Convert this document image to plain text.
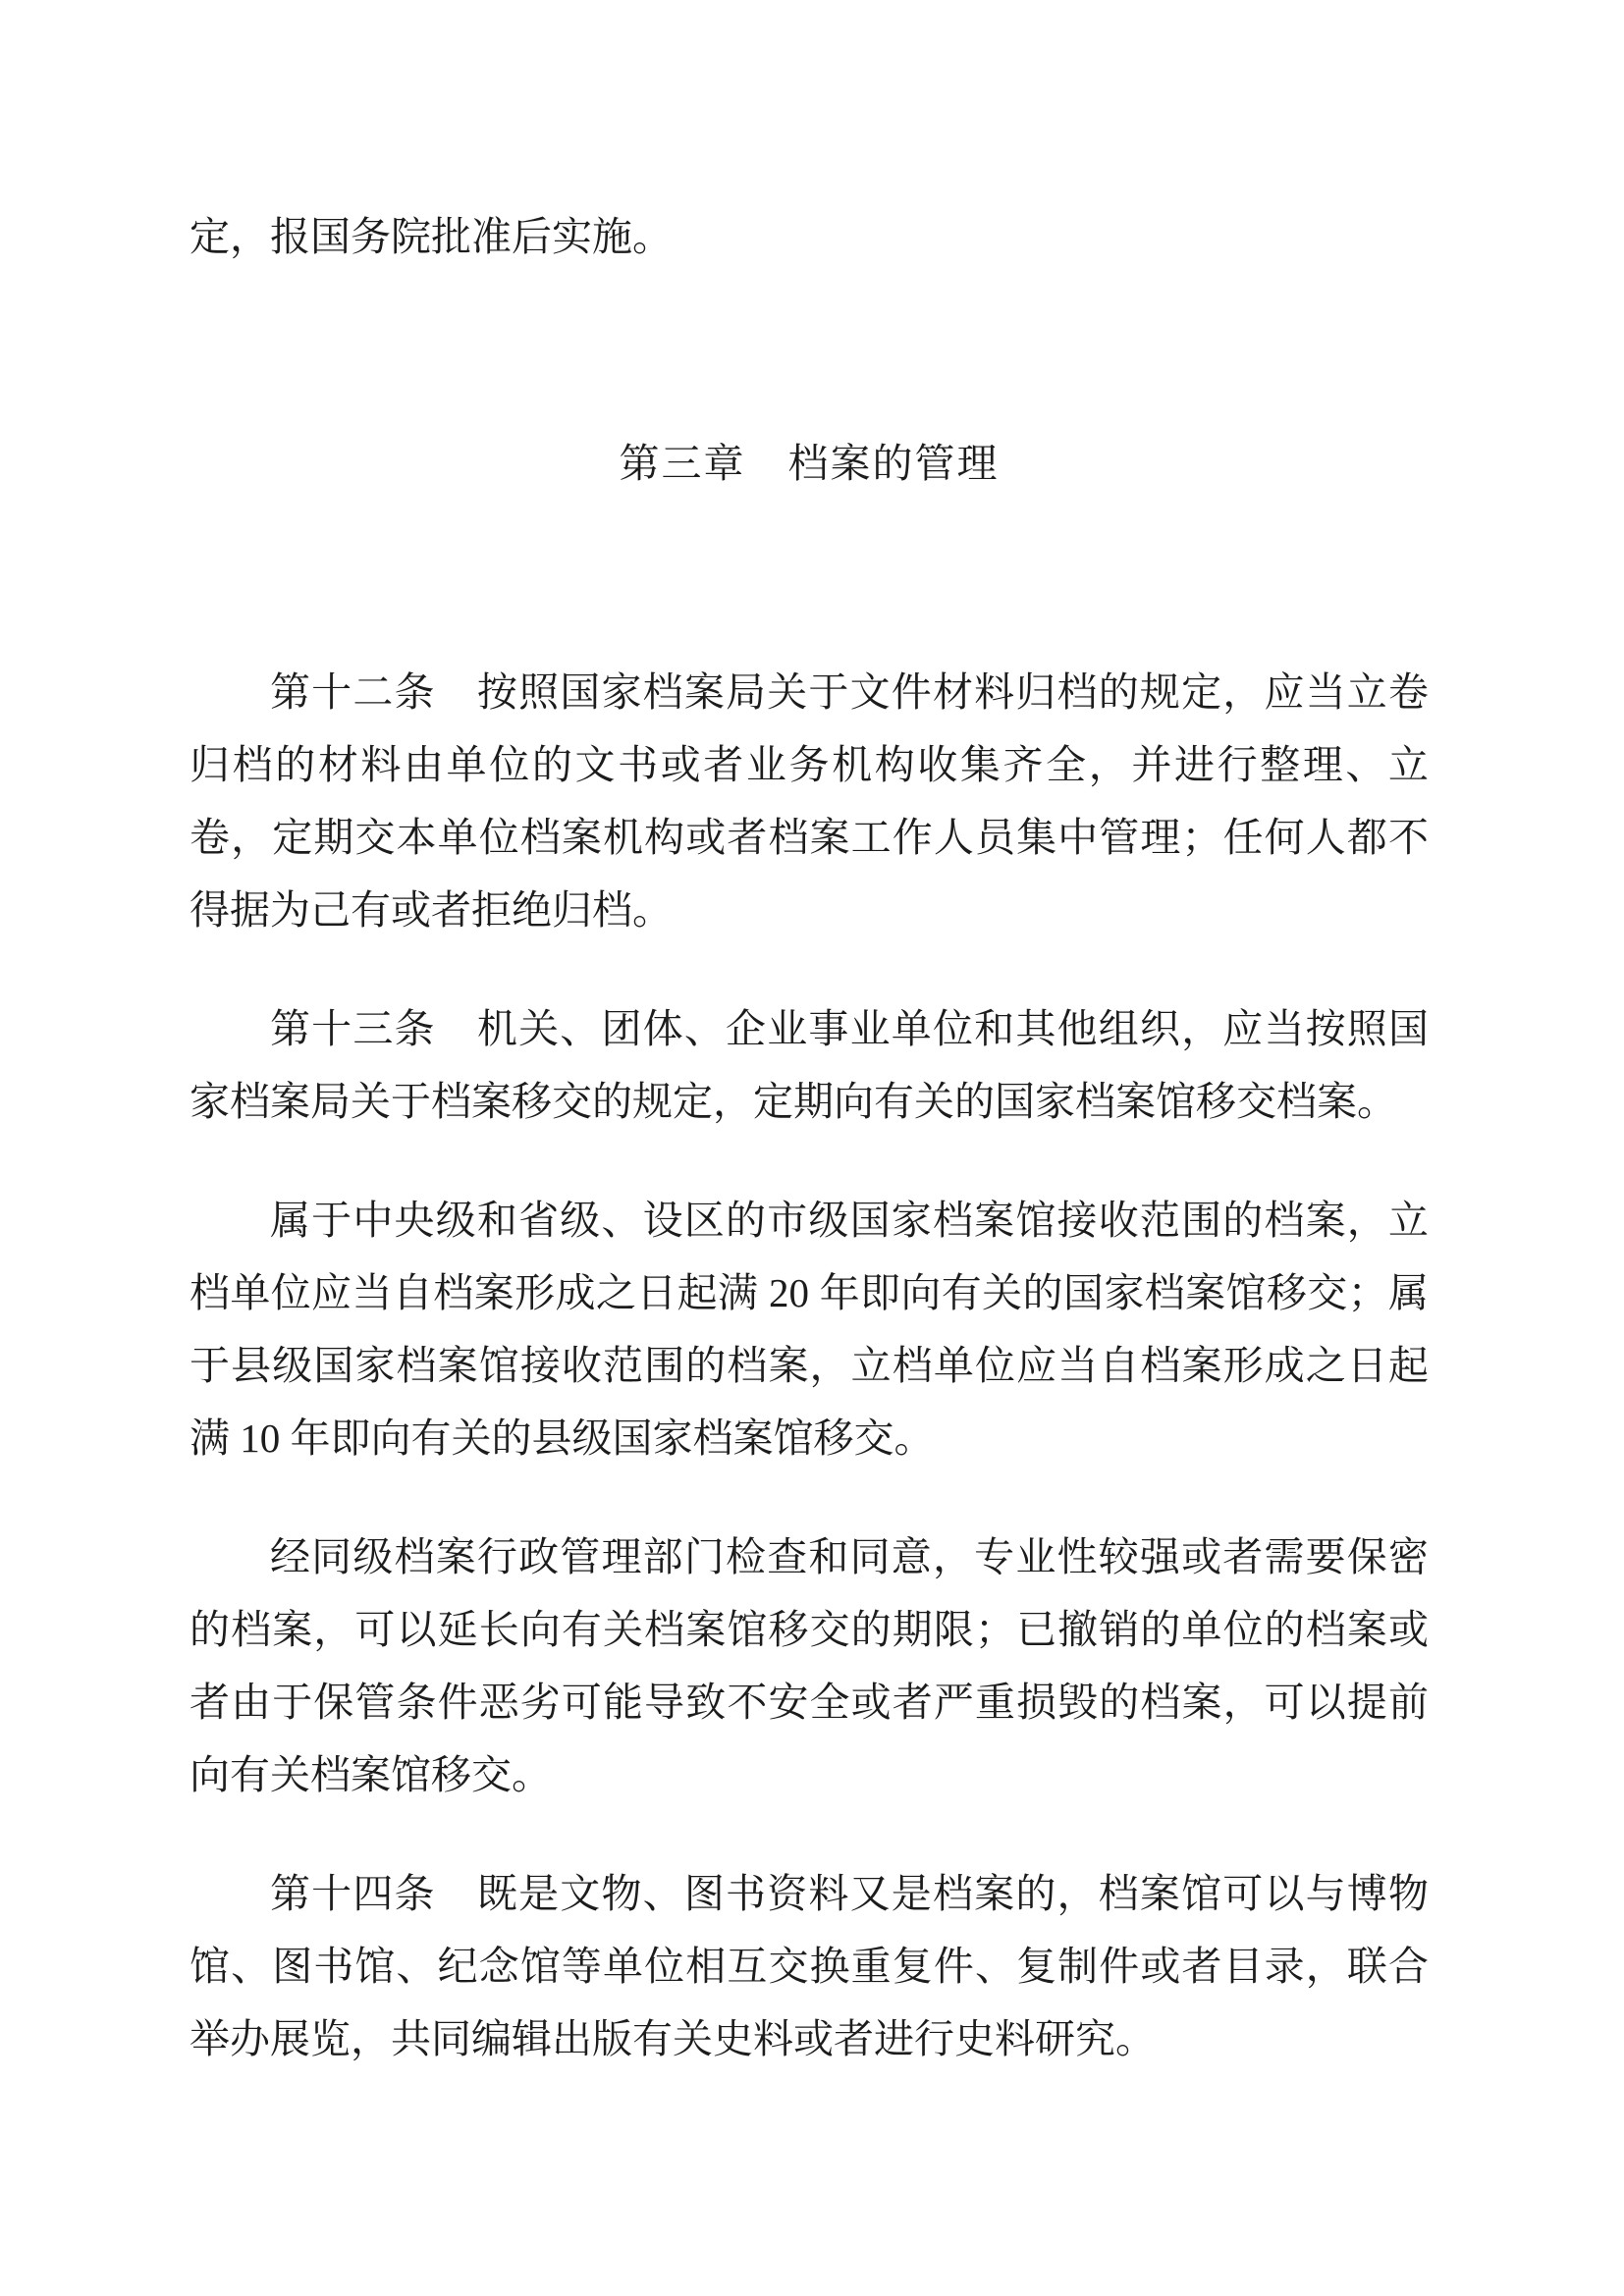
定，报国务院批准后实施。

第三章　档案的管理

第十二条　按照国家档案局关于文件材料归档的规定，应当立卷归档的材料由单位的文书或者业务机构收集齐全，并进行整理、立卷，定期交本单位档案机构或者档案工作人员集中管理；任何人都不得据为己有或者拒绝归档。

第十三条　机关、团体、企业事业单位和其他组织，应当按照国家档案局关于档案移交的规定，定期向有关的国家档案馆移交档案。

属于中央级和省级、设区的市级国家档案馆接收范围的档案，立档单位应当自档案形成之日起满 20 年即向有关的国家档案馆移交；属于县级国家档案馆接收范围的档案，立档单位应当自档案形成之日起满 10 年即向有关的县级国家档案馆移交。

经同级档案行政管理部门检查和同意，专业性较强或者需要保密的档案，可以延长向有关档案馆移交的期限；已撤销的单位的档案或者由于保管条件恶劣可能导致不安全或者严重损毁的档案，可以提前向有关档案馆移交。

第十四条　既是文物、图书资料又是档案的，档案馆可以与博物馆、图书馆、纪念馆等单位相互交换重复件、复制件或者目录，联合举办展览，共同编辑出版有关史料或者进行史料研究。
